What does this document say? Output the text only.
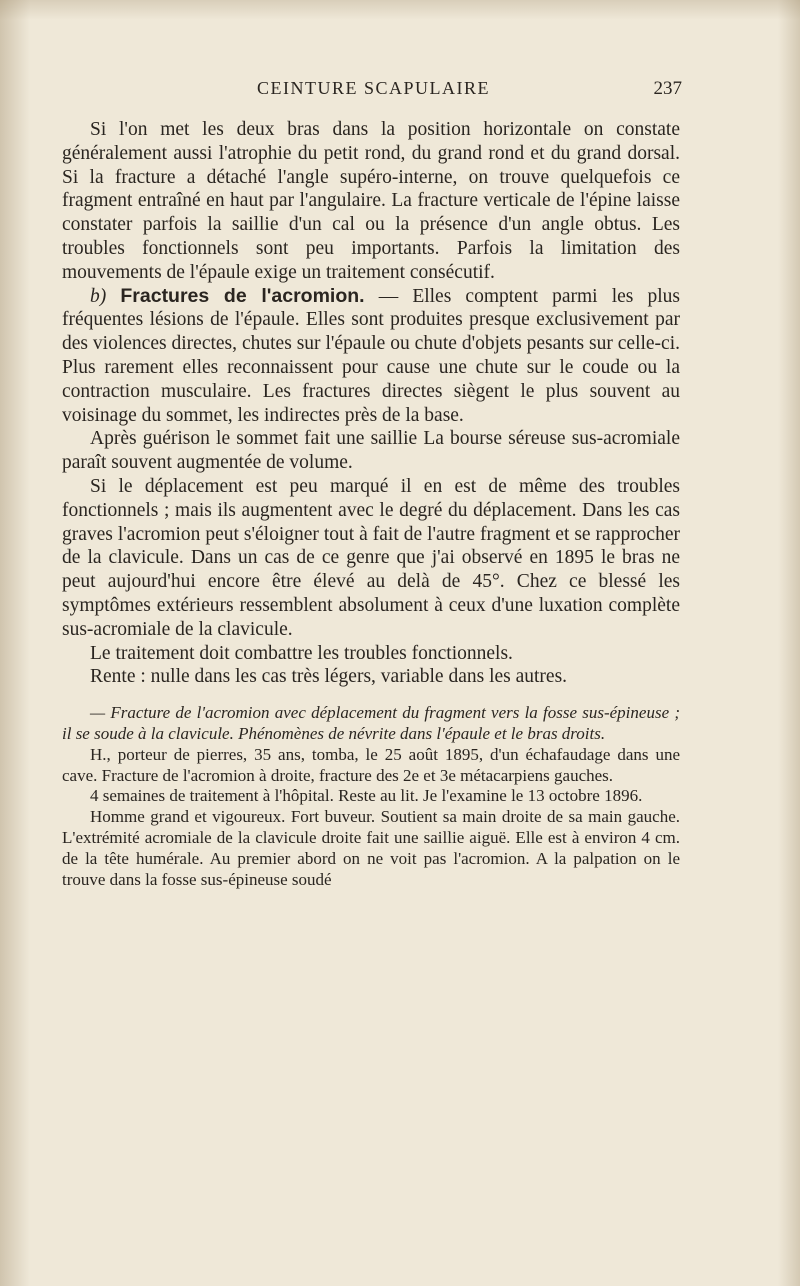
CEINTURE SCAPULAIRE	237

Si l'on met les deux bras dans la position horizontale on constate généralement aussi l'atrophie du petit rond, du grand rond et du grand dorsal. Si la fracture a détaché l'angle supéro-interne, on trouve quelquefois ce fragment entraîné en haut par l'angulaire. La fracture verticale de l'épine laisse constater parfois la saillie d'un cal ou la présence d'un angle obtus. Les troubles fonctionnels sont peu importants. Parfois la limitation des mouvements de l'épaule exige un traitement consécutif.

b) Fractures de l'acromion. — Elles comptent parmi les plus fréquentes lésions de l'épaule. Elles sont produites presque exclusivement par des violences directes, chutes sur l'épaule ou chute d'objets pesants sur celle-ci. Plus rarement elles reconnaissent pour cause une chute sur le coude ou la contraction musculaire. Les fractures directes siègent le plus souvent au voisinage du sommet, les indirectes près de la base.

Après guérison le sommet fait une saillie La bourse séreuse sus-acromiale paraît souvent augmentée de volume.

Si le déplacement est peu marqué il en est de même des troubles fonctionnels ; mais ils augmentent avec le degré du déplacement. Dans les cas graves l'acromion peut s'éloigner tout à fait de l'autre fragment et se rapprocher de la clavicule. Dans un cas de ce genre que j'ai observé en 1895 le bras ne peut aujourd'hui encore être élevé au delà de 45°. Chez ce blessé les symptômes extérieurs ressemblent absolument à ceux d'une luxation complète sus-acromiale de la clavicule.

Le traitement doit combattre les troubles fonctionnels.

Rente : nulle dans les cas très légers, variable dans les autres.

— Fracture de l'acromion avec déplacement du fragment vers la fosse sus-épineuse ; il se soude à la clavicule. Phénomènes de névrite dans l'épaule et le bras droits.

H., porteur de pierres, 35 ans, tomba, le 25 août 1895, d'un échafaudage dans une cave. Fracture de l'acromion à droite, fracture des 2e et 3e métacarpiens gauches.

4 semaines de traitement à l'hôpital. Reste au lit. Je l'examine le 13 octobre 1896.

Homme grand et vigoureux. Fort buveur. Soutient sa main droite de sa main gauche. L'extrémité acromiale de la clavicule droite fait une saillie aiguë. Elle est à environ 4 cm. de la tête humérale. Au premier abord on ne voit pas l'acromion. A la palpation on le trouve dans la fosse sus-épineuse soudé
